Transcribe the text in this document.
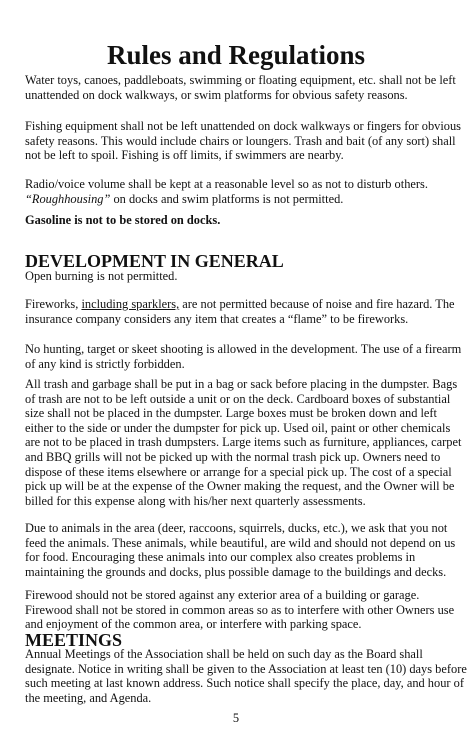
Rules and Regulations

Water toys, canoes, paddleboats, swimming or floating equipment, etc. shall not be left
unattended on dock walkways, or swim platforms for obvious safety reasons.

Fishing equipment shall not be left unattended on dock walkways or fingers for obvious
safety reasons. This would include chairs or loungers. Trash and bait (of any sort) shall
not be left to spoil. Fishing is off limits, if swimmers are nearby.

Radio/voice volume shall be kept at a reasonable level so as not to disturb others.
“Roughhousing” on docks and swim platforms is not permitted.

Gasoline is not to be stored on docks.

DEVELOPMENT IN GENERAL

Open burning is not permitted.

Fireworks, including sparklers, are not permitted because of noise and fire hazard. The
insurance company considers any item that creates a “flame” to be fireworks.

No hunting, target or skeet shooting is allowed in the development. The use of a firearm
of any kind is strictly forbidden.

All trash and garbage shall be put in a bag or sack before placing in the dumpster. Bags
of trash are not to be left outside a unit or on the deck. Cardboard boxes of substantial
size shall not be placed in the dumpster. Large boxes must be broken down and left
either to the side or under the dumpster for pick up. Used oil, paint or other chemicals
are not to be placed in trash dumpsters. Large items such as furniture, appliances, carpet
and BBQ grills will not be picked up with the normal trash pick up. Owners need to
dispose of these items elsewhere or arrange for a special pick up. The cost of a special
pick up will be at the expense of the Owner making the request, and the Owner will be
billed for this expense along with his/her next quarterly assessments.

Due to animals in the area (deer, raccoons, squirrels, ducks, etc.), we ask that you not
feed the animals. These animals, while beautiful, are wild and should not depend on us
for food. Encouraging these animals into our complex also creates problems in
maintaining the grounds and docks, plus possible damage to the buildings and decks.

Firewood should not be stored against any exterior area of a building or garage.
Firewood shall not be stored in common areas so as to interfere with other Owners use
and enjoyment of the common area, or interfere with parking space.

MEETINGS

Annual Meetings of the Association shall be held on such day as the Board shall
designate. Notice in writing shall be given to the Association at least ten (10) days before
such meeting at last known address. Such notice shall specify the place, day, and hour of
the meeting, and Agenda.

5
